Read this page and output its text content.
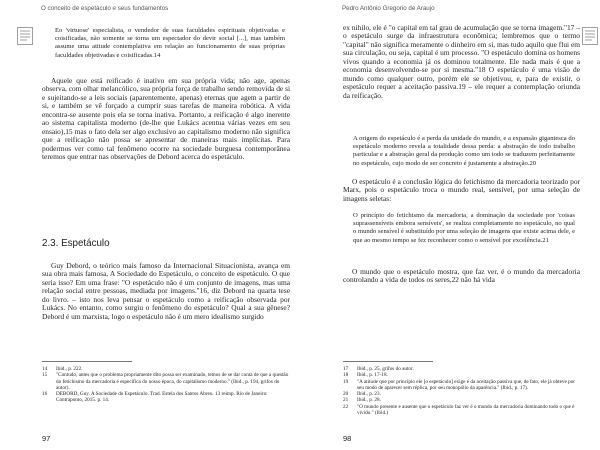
O conceito de espetáculo e seus fundamentos

Eo 'virtuose' especialista, o vendedor de suas faculdades espirituais objetivadas e coisificadas, não somente se torna um espectador do devir social [...], mas também assume uma atitude contemplativa em relação ao funcionamento de suas próprias faculdades objetivadas e coisificadas.14

Aquele que está reificado é inativo em sua própria vida; não age, apenas observa, com olhar melancólico, sua própria força de trabalho sendo removida de si e sujeitando-se a leis sociais (aparentemente, apenas) eternas que agem a partir de si, e também se vê forçado a cumprir suas tarefas de maneira robótica. A vida encontra-se ausente pois ela se torna inativa. Portanto, a reificação é algo inerente ao sistema capitalista moderno (de-lhe que Lukács acentua várias vezes em seu ensaio),15 mas o fato dela ser algo exclusivo ao capitalismo moderno não significa que a reificação não possa se apresentar de maneiras mais implícitas. Para podermos ver como tal fenômeno ocorre na sociedade burguesa contemporânea teremos que entrar nas observações de Debord acerca do espetáculo.

2.3. Espetáculo

Guy Debord, o teórico mais famoso da Internacional Situacionista, avança em sua obra mais famosa, A Sociedade do Espetáculo, o conceito de espetáculo. O que seria isso? Em uma frase: "O espetáculo não é um conjunto de imagens, mas uma relação social entre pessoas, mediada por imagens."16, diz Debord na quarta tese do livro. – isto nos leva pensar o espetáculo como a reificação observada por Lukács. No entanto, como surgiu o fenômeno do espetáculo? Qual a sua gênese? Debord é um marxista, logo o espetáculo não é um mero idealismo surgido

14	Ibid., p. 222.
15	"Contudo, antes que o problema propriamente dito possa ser examinado, temos de se dar conta de que a questão do fetichismo da mercadoria é específica do nosso época, do capitalismo moderno." (Ibid., p. 194, grifos do autor).
16	DEBORD, Guy. A Sociedade do Espetáculo. Trad. Estela dos Santos Abreu. 13 reimp. Rio de Janeiro: Contraponto, 2015. p. 14.
97
Pedro Antônio Gregorio de Araujo

ex nihilo, ele é "o capital em tal grau de acumulação que se torna imagem."17 – o espetáculo surge da infraestrutura econômica; lembremos que o termo "capital" não significa meramente o dinheiro em si, mas tudo aquilo que flui em sua circulação, ou seja, capital é um processo. "O espetáculo domina os homens vivos quando a economia já os dominou totalmente. Ele nada mais é que a economia desenvolvendo-se por si mesma."18 O espetáculo é uma visão de mundo como qualquer outro, porém ele se objetivou, e, para de existir, o espetáculo requer a aceitação passiva.19 – ele requer a contemplação oriunda da reificação.

A origem do espetáculo é a perda da unidade do mundo, e a expansão gigantesca do espetáculo moderno revela a totalidade dessa perda: a abstração de todo trabalho particular e a abstração geral da produção como um todo se traduzem perfeitamente no espetáculo, cujo modo de ser concreto é justamente a abstração.20

O espetáculo é a conclusão lógica do fetichismo da mercadoria teorizado por Marx, pois o espetáculo troca o mundo real, sensível, por uma seleção de imagens seletas:

O princípio do fetichismo da mercadoria, a dominação da sociedade por 'coisas suprassensíveis embora sensíveis', se realiza completamente no espetáculo, no qual o mundo sensível é substituído por uma seleção de imagens que existe acima dele, e que ao mesmo tempo se fez reconhecer como o sensível por excelência.21

O mundo que o espetáculo mostra, que faz ver, é o mundo da mercadoria controlando a vida de todos os seres,22 não há vida

17	Ibid., p. 25, grifos do autor.
18	Ibid., p. 17-18.
19	"A atitude que por princípio ele [o espetáculo] exige é da aceitação passiva que, de fato, ele já obteve por seu modo de aparecer sem réplica, por seu monopólio da aparência." (Ibid., p. 17).
20	Ibid., p. 23.
21	Ibid., p. 28.
22	"O mundo presente e ausente que o espetáculo faz ver é o mundo da mercadoria dominando tudo o que é vivido." (Ibid.)
98
